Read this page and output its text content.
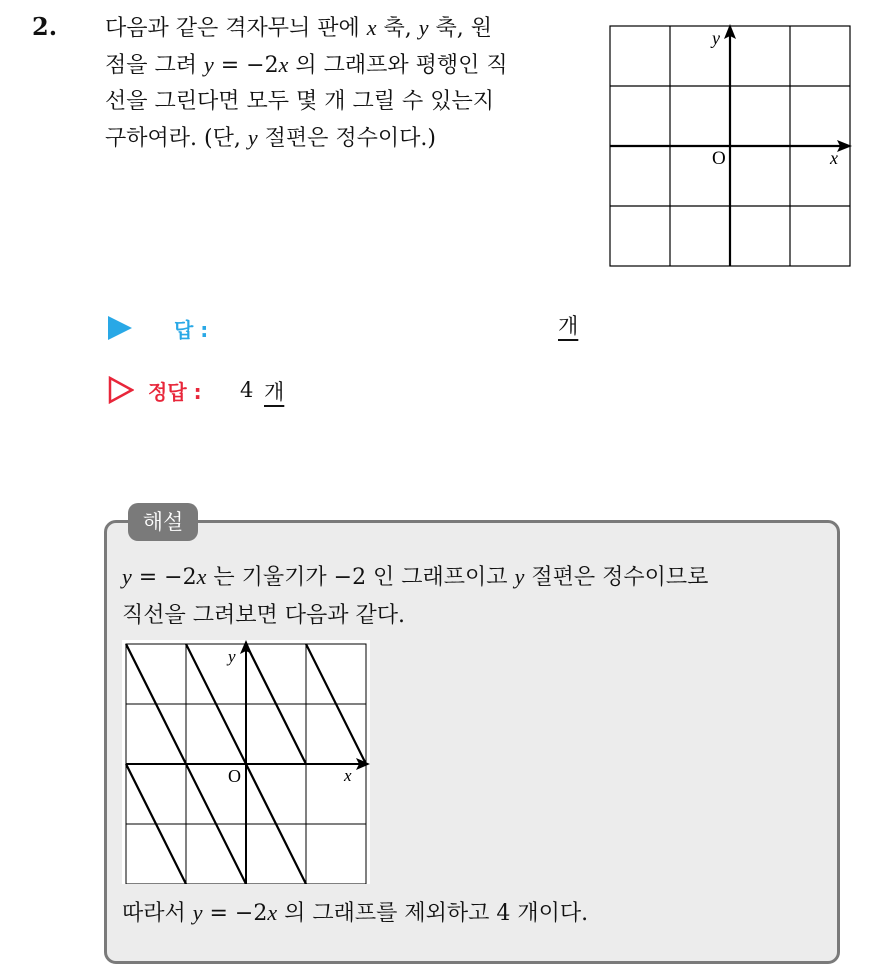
2. 다음과 같은 격자무늬 판에 x 축, y 축, 원
점을 그려 y = −2x 의 그래프와 평행인 직
선을 그린다면 모두 몇 개 그릴 수 있는지
구하여라. (단, y 절편은 정수이다.)
y
x
O
답 :	개
정답 : 4 개
해설
y = −2x 는 기울기가 −2 인 그래프이고 y 절편은 정수이므로
직선을 그려보면 다음과 같다.
y
x
O
따라서 y = −2x 의 그래프를 제외하고 4 개이다.
